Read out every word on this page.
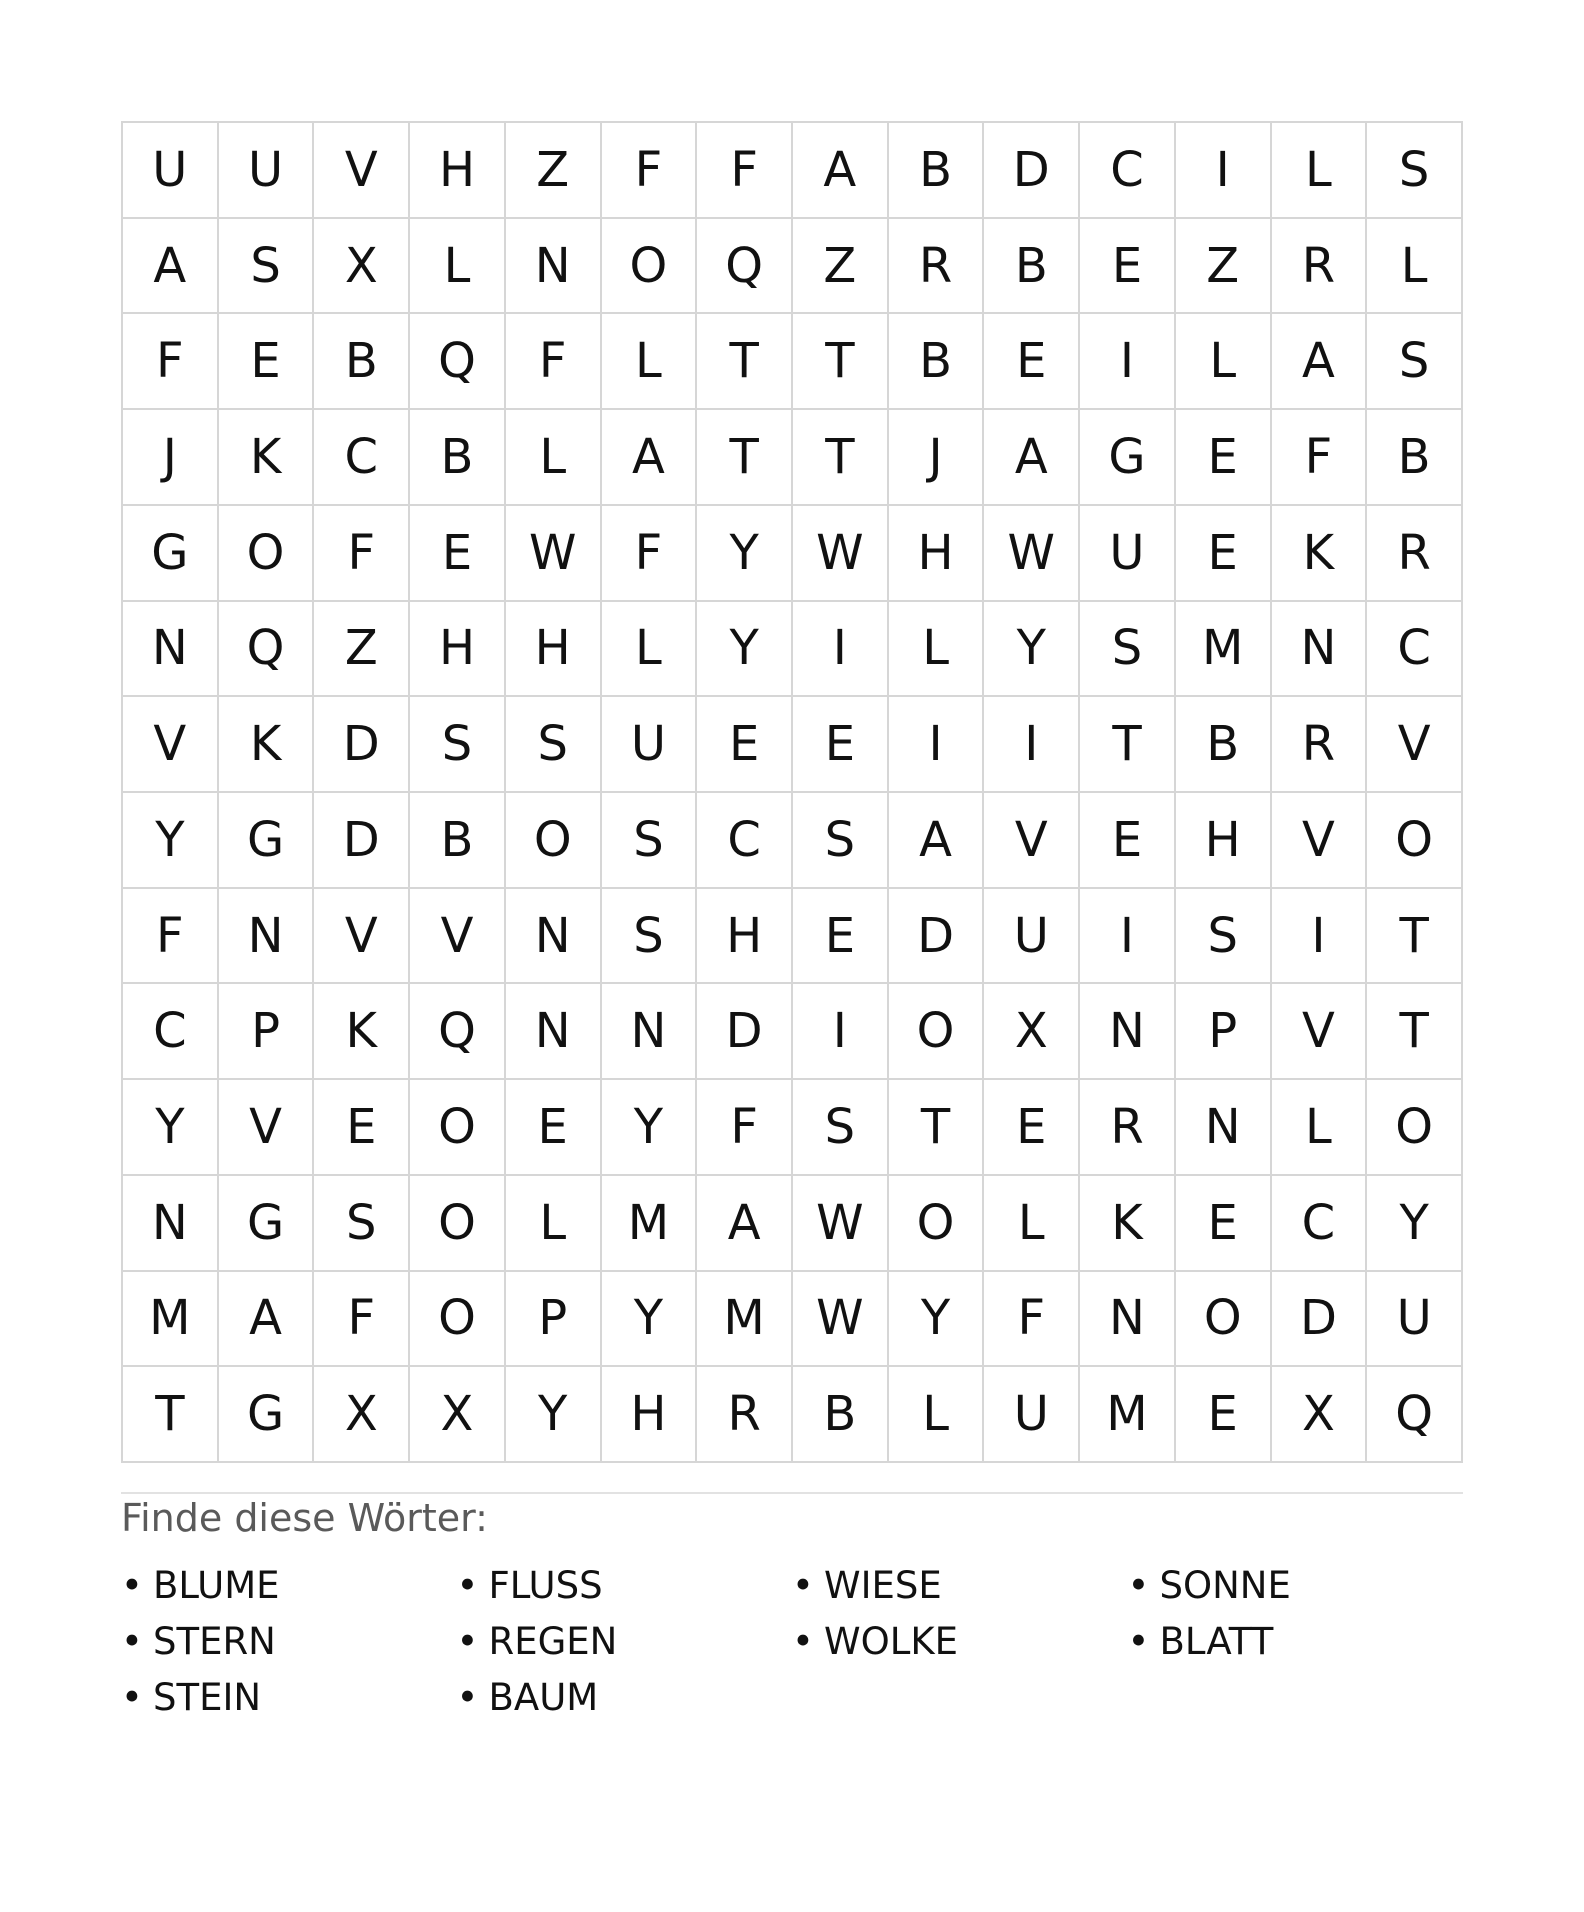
U	U	V	H	Z	F	F	A	B	D	C	I	L	S
A	S	X	L	N	O	Q	Z	R	B	E	Z	R	L
F	E	B	Q	F	L	T	T	B	E	I	L	A	S
J	K	C	B	L	A	T	T	J	A	G	E	F	B
G	O	F	E	W	F	Y	W	H	W	U	E	K	R
N	Q	Z	H	H	L	Y	I	L	Y	S	M	N	C
V	K	D	S	S	U	E	E	I	I	T	B	R	V
Y	G	D	B	O	S	C	S	A	V	E	H	V	O
F	N	V	V	N	S	H	E	D	U	I	S	I	T
C	P	K	Q	N	N	D	I	O	X	N	P	V	T
Y	V	E	O	E	Y	F	S	T	E	R	N	L	O
N	G	S	O	L	M	A	W	O	L	K	E	C	Y
M	A	F	O	P	Y	M	W	Y	F	N	O	D	U
T	G	X	X	Y	H	R	B	L	U	M	E	X	Q
Finde diese Wörter:
• BLUME	• FLUSS	• WIESE	• SONNE
• STERN	• REGEN	• WOLKE	• BLATT
• STEIN	• BAUM
